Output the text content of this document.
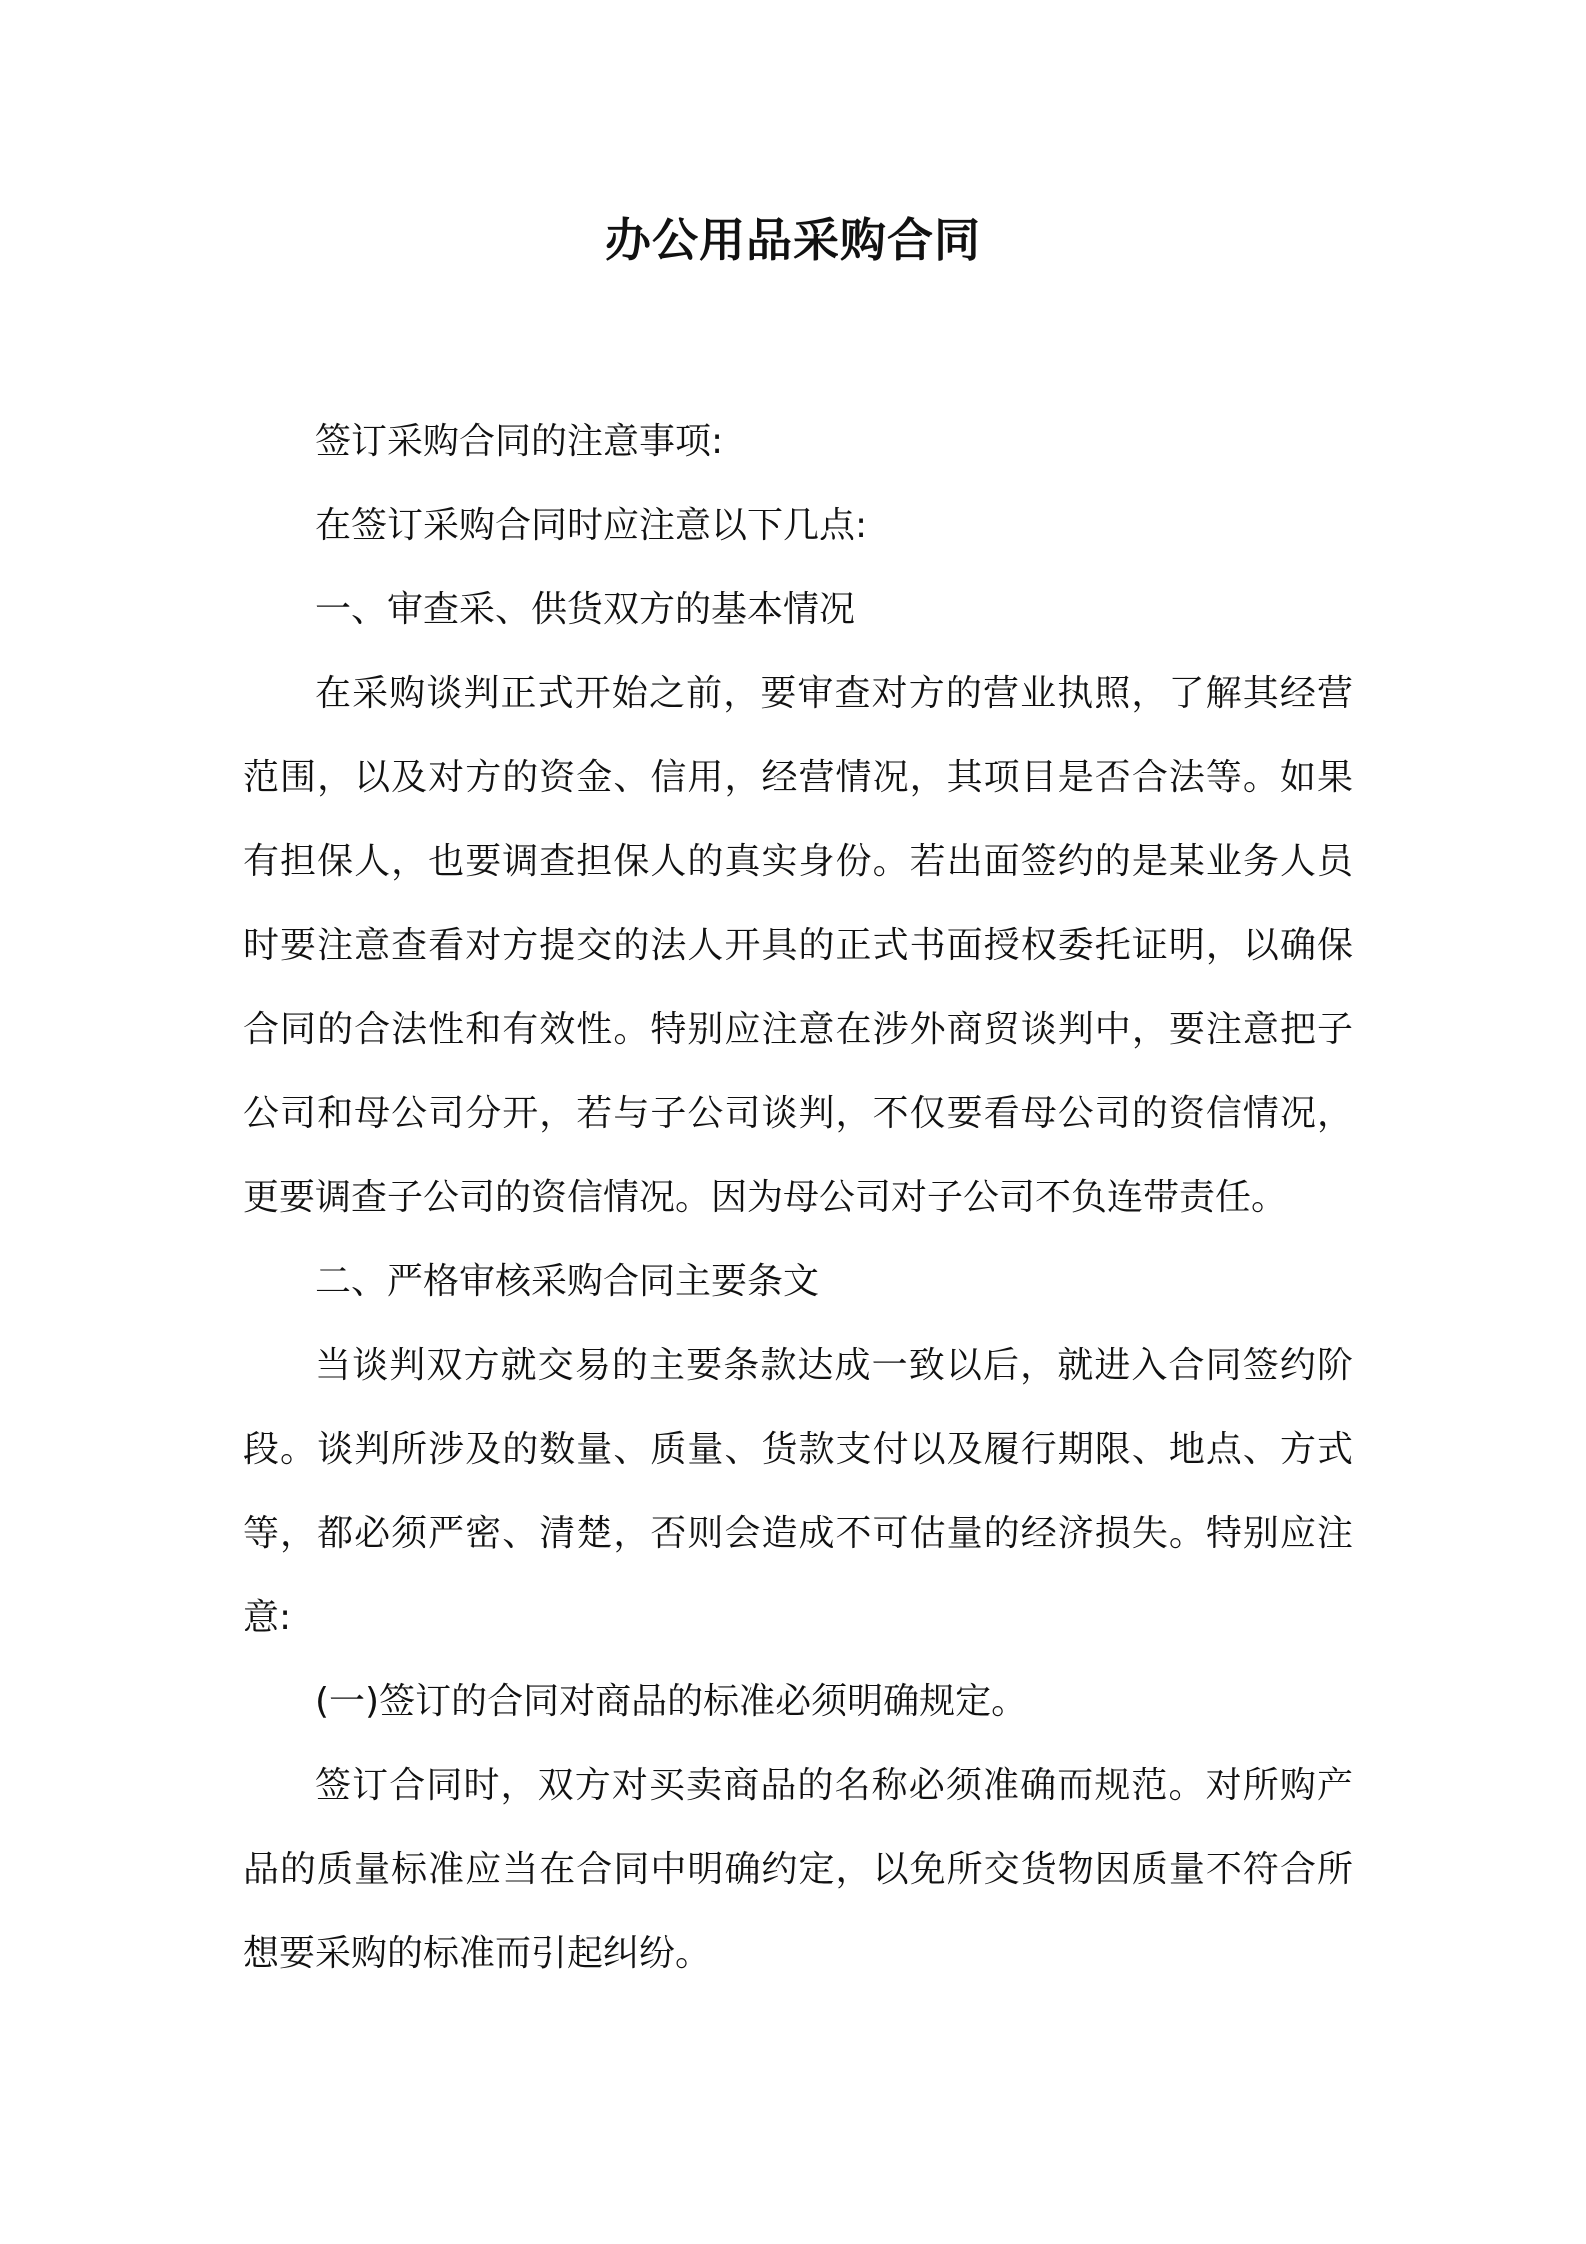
办公用品采购合同

签订采购合同的注意事项:

在签订采购合同时应注意以下几点:

一、审查采、供货双方的基本情况

在采购谈判正式开始之前，要审查对方的营业执照，了解其经营范围，以及对方的资金、信用，经营情况，其项目是否合法等。如果有担保人，也要调查担保人的真实身份。若出面签约的是某业务人员时要注意查看对方提交的法人开具的正式书面授权委托证明，以确保合同的合法性和有效性。特别应注意在涉外商贸谈判中，要注意把子公司和母公司分开，若与子公司谈判，不仅要看母公司的资信情况，更要调查子公司的资信情况。因为母公司对子公司不负连带责任。

二、严格审核采购合同主要条文

当谈判双方就交易的主要条款达成一致以后，就进入合同签约阶段。谈判所涉及的数量、质量、货款支付以及履行期限、地点、方式等，都必须严密、清楚，否则会造成不可估量的经济损失。特别应注意:

(一)签订的合同对商品的标准必须明确规定。

签订合同时，双方对买卖商品的名称必须准确而规范。对所购产品的质量标准应当在合同中明确约定，以免所交货物因质量不符合所想要采购的标准而引起纠纷。
